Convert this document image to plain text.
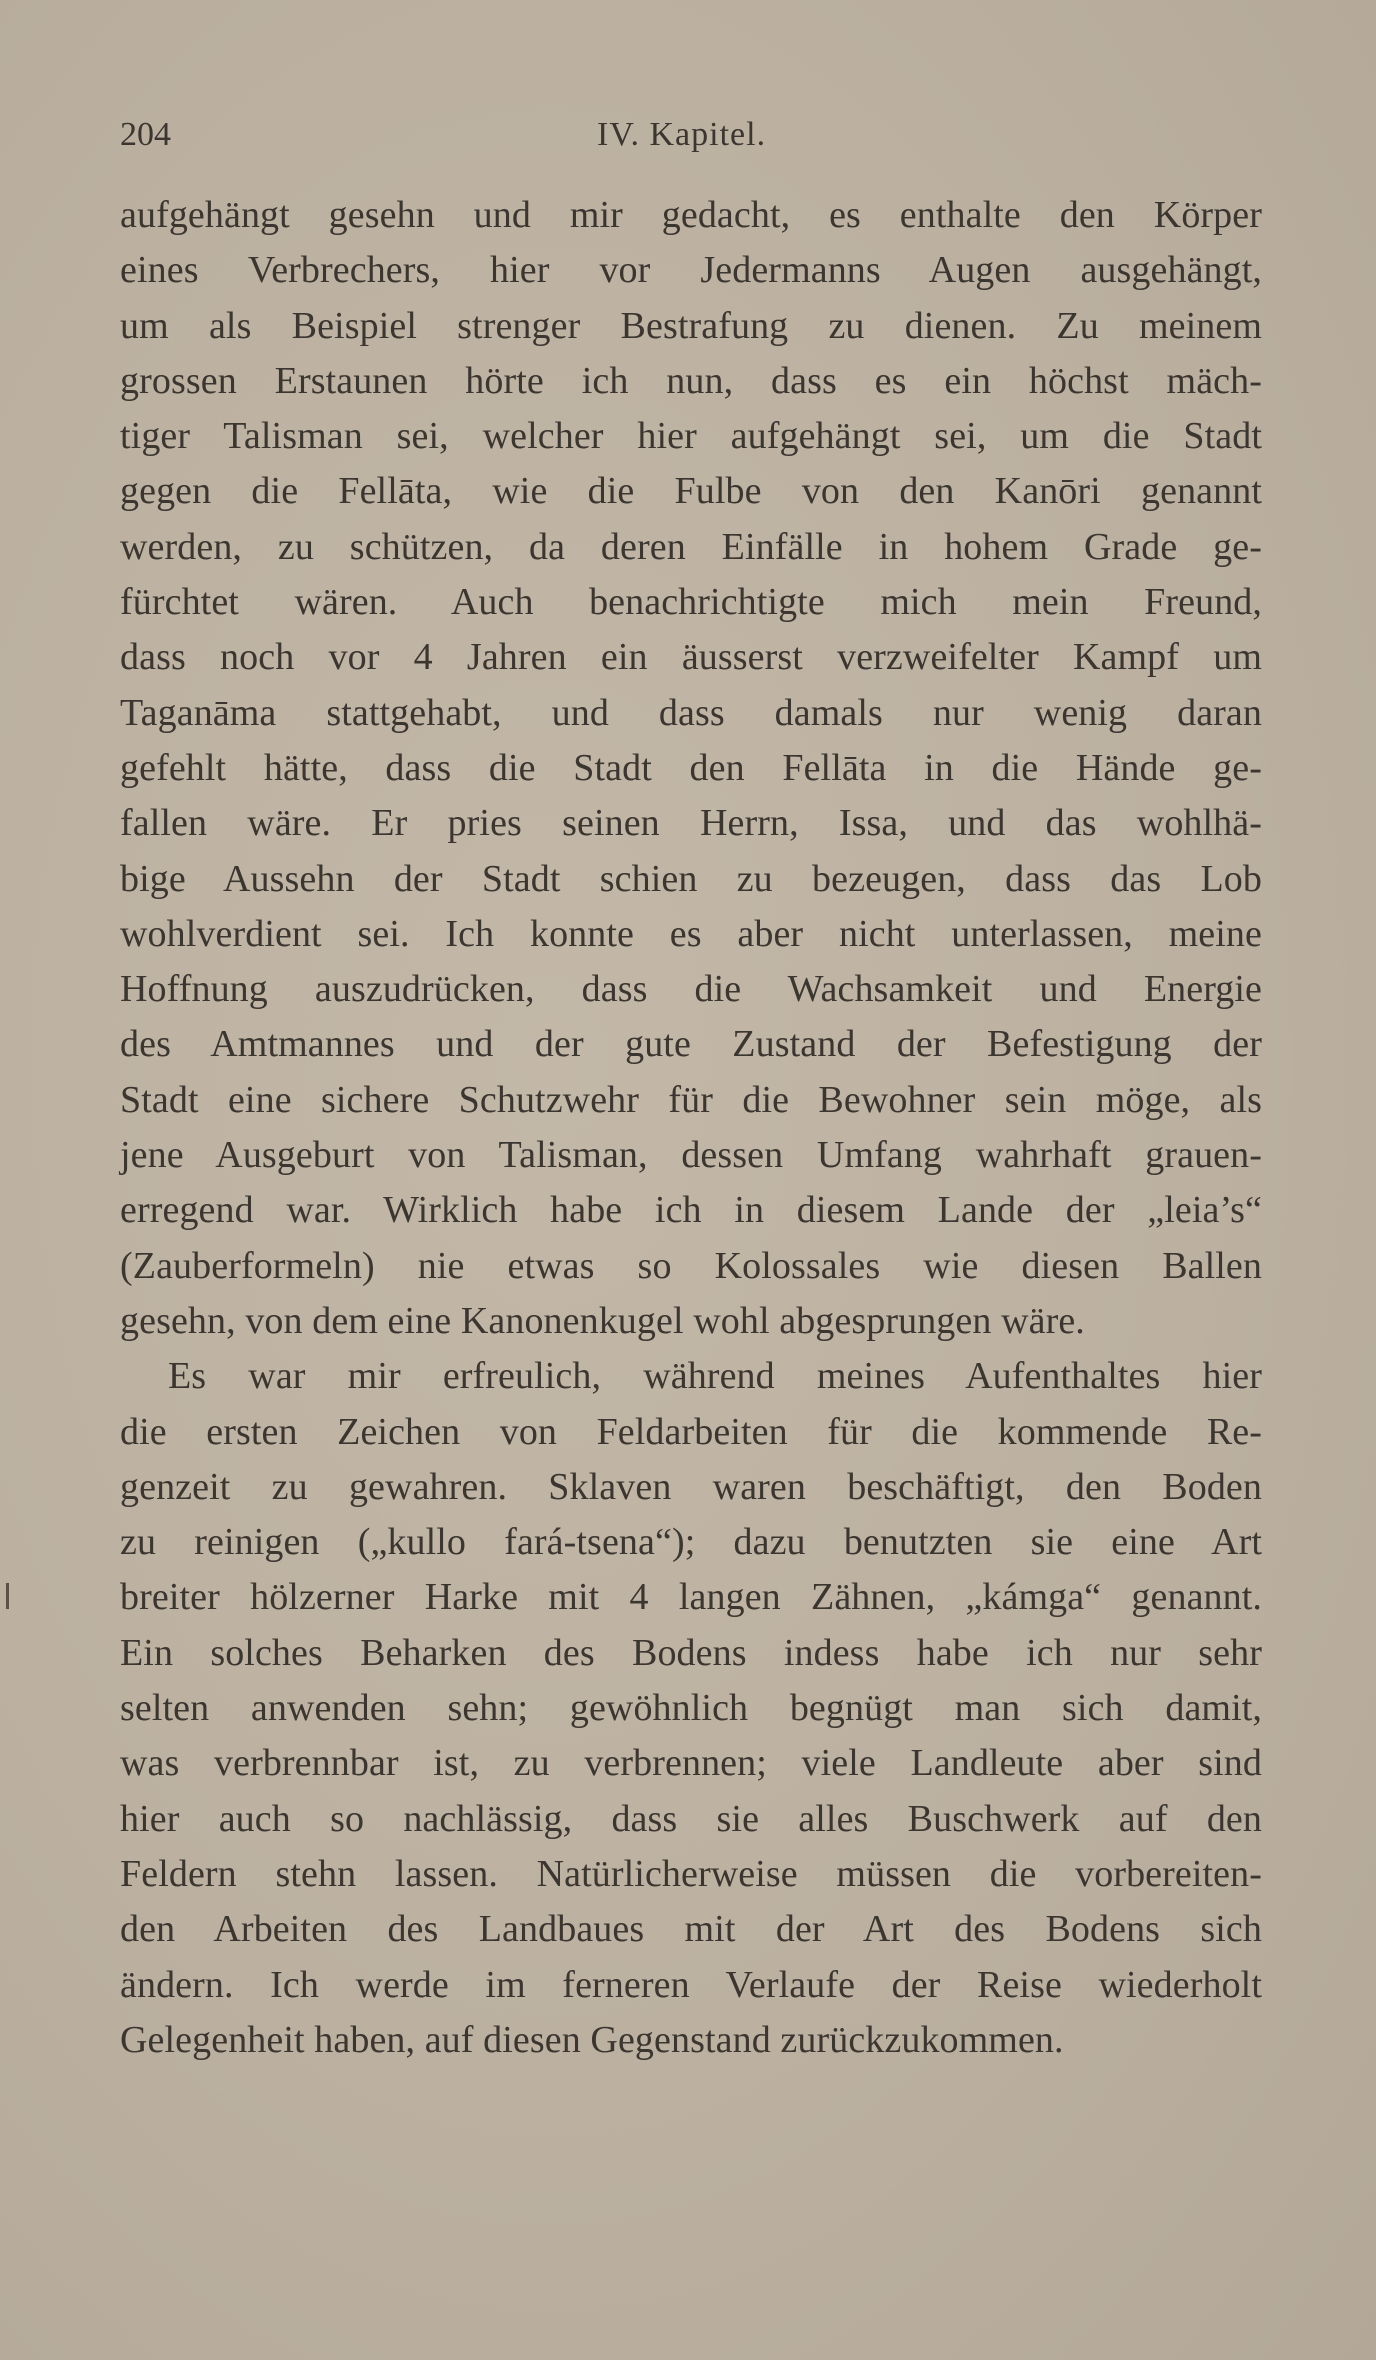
204	IV. Kapitel.
aufgehängt gesehn und mir gedacht, es enthalte den Körper
eines Verbrechers, hier vor Jedermanns Augen ausgehängt,
um als Beispiel strenger Bestrafung zu dienen. Zu meinem
grossen Erstaunen hörte ich nun, dass es ein höchst mäch-
tiger Talisman sei, welcher hier aufgehängt sei, um die Stadt
gegen die Fellāta, wie die Fulbe von den Kanōri genannt
werden, zu schützen, da deren Einfälle in hohem Grade ge-
fürchtet wären. Auch benachrichtigte mich mein Freund,
dass noch vor 4 Jahren ein äusserst verzweifelter Kampf um
Taganāma stattgehabt, und dass damals nur wenig daran
gefehlt hätte, dass die Stadt den Fellāta in die Hände ge-
fallen wäre. Er pries seinen Herrn, Issa, und das wohlhä-
bige Aussehn der Stadt schien zu bezeugen, dass das Lob
wohlverdient sei. Ich konnte es aber nicht unterlassen, meine
Hoffnung auszudrücken, dass die Wachsamkeit und Energie
des Amtmannes und der gute Zustand der Befestigung der
Stadt eine sichere Schutzwehr für die Bewohner sein möge, als
jene Ausgeburt von Talisman, dessen Umfang wahrhaft grauen-
erregend war. Wirklich habe ich in diesem Lande der „leia’s“
(Zauberformeln) nie etwas so Kolossales wie diesen Ballen
gesehn, von dem eine Kanonenkugel wohl abgesprungen wäre.
Es war mir erfreulich, während meines Aufenthaltes hier
die ersten Zeichen von Feldarbeiten für die kommende Re-
genzeit zu gewahren. Sklaven waren beschäftigt, den Boden
zu reinigen („kullo fará-tsena“); dazu benutzten sie eine Art
breiter hölzerner Harke mit 4 langen Zähnen, „kámga“ genannt.
Ein solches Beharken des Bodens indess habe ich nur sehr
selten anwenden sehn; gewöhnlich begnügt man sich damit,
was verbrennbar ist, zu verbrennen; viele Landleute aber sind
hier auch so nachlässig, dass sie alles Buschwerk auf den
Feldern stehn lassen. Natürlicherweise müssen die vorbereiten-
den Arbeiten des Landbaues mit der Art des Bodens sich
ändern. Ich werde im ferneren Verlaufe der Reise wiederholt
Gelegenheit haben, auf diesen Gegenstand zurückzukommen.
